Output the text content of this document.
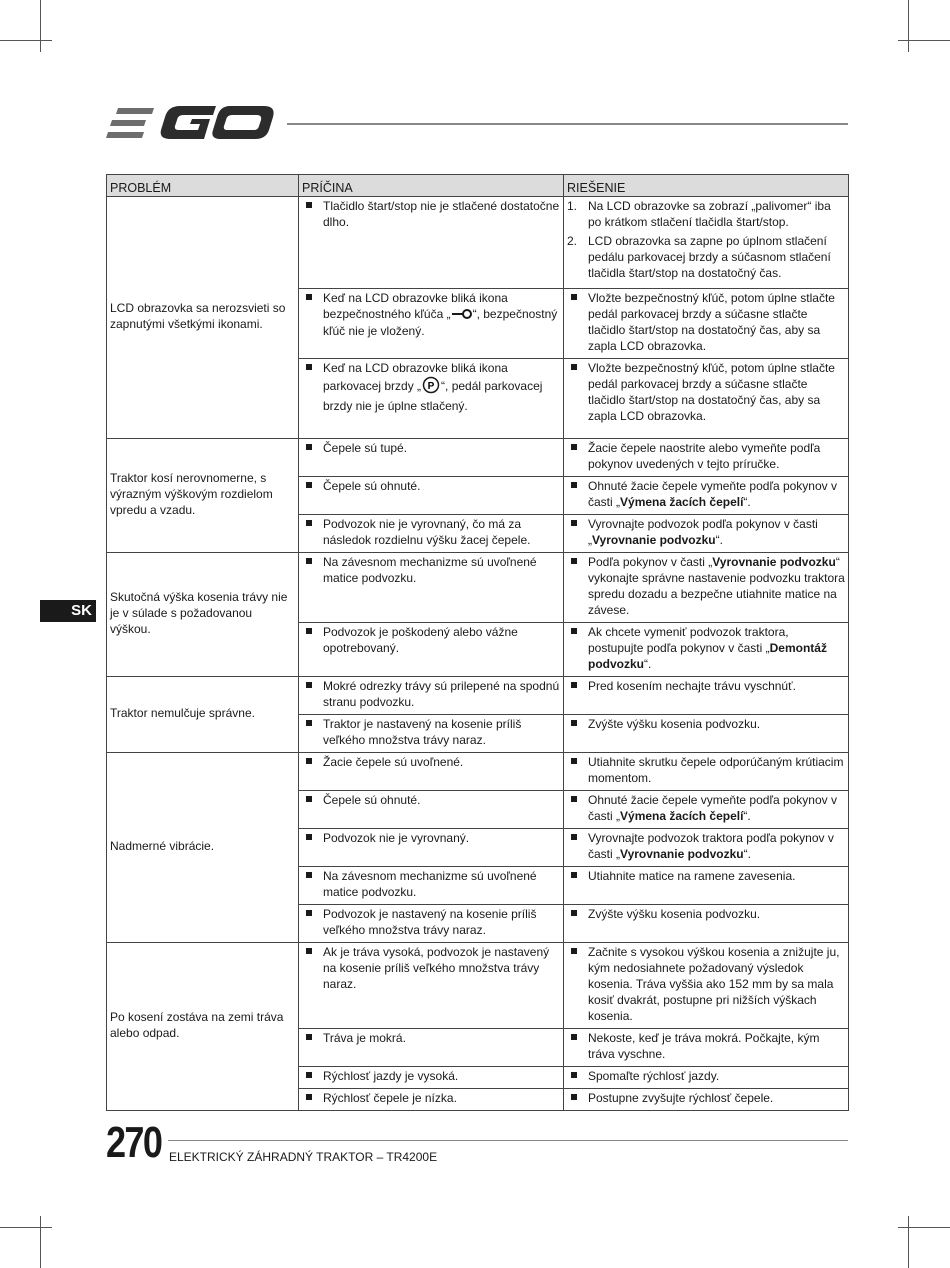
SK
PROBLÉM	PRÍČINA	RIEŠENIE
LCD obrazovka sa nerozsvieti so zapnutými všetkými ikonami.	Tlačidlo štart/stop nie je stlačené dostatočne dlho.	1. Na LCD obrazovke sa zobrazí „palivomer“ iba po krátkom stlačení tlačidla štart/stop.
2. LCD obrazovka sa zapne po úplnom stlačení pedálu parkovacej brzdy a súčasnom stlačení tlačidla štart/stop na dostatočný čas.

Keď na LCD obrazovke bliká ikona bezpečnostného kľúča „ “, bezpečnostný kľúč nie je vložený.	Vložte bezpečnostný kľúč, potom úplne stlačte pedál parkovacej brzdy a súčasne stlačte tlačidlo štart/stop na dostatočný čas, aby sa zapla LCD obrazovka.

Keď na LCD obrazovke bliká ikona parkovacej brzdy „ P “, pedál parkovacej brzdy nie je úplne stlačený.	Vložte bezpečnostný kľúč, potom úplne stlačte pedál parkovacej brzdy a súčasne stlačte tlačidlo štart/stop na dostatočný čas, aby sa zapla LCD obrazovka.

Traktor kosí nerovnomerne, s výrazným výškovým rozdielom vpredu a vzadu.	Čepele sú tupé.	Žacie čepele naostrite alebo vymeňte podľa pokynov uvedených v tejto príručke.

Čepele sú ohnuté.	Ohnuté žacie čepele vymeňte podľa pokynov v časti „Výmena žacích čepelí“.

Podvozok nie je vyrovnaný, čo má za následok rozdielnu výšku žacej čepele.	Vyrovnajte podvozok podľa pokynov v časti „Vyrovnanie podvozku“.

Skutočná výška kosenia trávy nie je v súlade s požadovanou výškou.	Na závesnom mechanizme sú uvoľnené matice podvozku.	Podľa pokynov v časti „Vyrovnanie podvozku“ vykonajte správne nastavenie podvozku traktora spredu dozadu a bezpečne utiahnite matice na závese.

Podvozok je poškodený alebo vážne opotrebovaný.	Ak chcete vymeniť podvozok traktora, postupujte podľa pokynov v časti „Demontáž podvozku“.

Traktor nemulčuje správne.	Mokré odrezky trávy sú prilepené na spodnú stranu podvozku.	Pred kosením nechajte trávu vyschnúť.

Traktor je nastavený na kosenie príliš veľkého množstva trávy naraz.	Zvýšte výšku kosenia podvozku.

Nadmerné vibrácie.	Žacie čepele sú uvoľnené.	Utiahnite skrutku čepele odporúčaným krútiacim momentom.

Čepele sú ohnuté.	Ohnuté žacie čepele vymeňte podľa pokynov v časti „Výmena žacích čepelí“.

Podvozok nie je vyrovnaný.	Vyrovnajte podvozok traktora podľa pokynov v časti „Vyrovnanie podvozku“.

Na závesnom mechanizme sú uvoľnené matice podvozku.	Utiahnite matice na ramene zavesenia.

Podvozok je nastavený na kosenie príliš veľkého množstva trávy naraz.	Zvýšte výšku kosenia podvozku.

Po kosení zostáva na zemi tráva alebo odpad.	Ak je tráva vysoká, podvozok je nastavený na kosenie príliš veľkého množstva trávy naraz.	Začnite s vysokou výškou kosenia a znižujte ju, kým nedosiahnete požadovaný výsledok kosenia. Tráva vyššia ako 152 mm by sa mala kosiť dvakrát, postupne pri nižších výškach kosenia.

Tráva je mokrá.	Nekoste, keď je tráva mokrá. Počkajte, kým tráva vyschne.

Rýchlosť jazdy je vysoká.	Spomaľte rýchlosť jazdy.

Rýchlosť čepele je nízka.	Postupne zvyšujte rýchlosť čepele.
270 ELEKTRICKÝ ZÁHRADNÝ TRAKTOR – TR4200E
